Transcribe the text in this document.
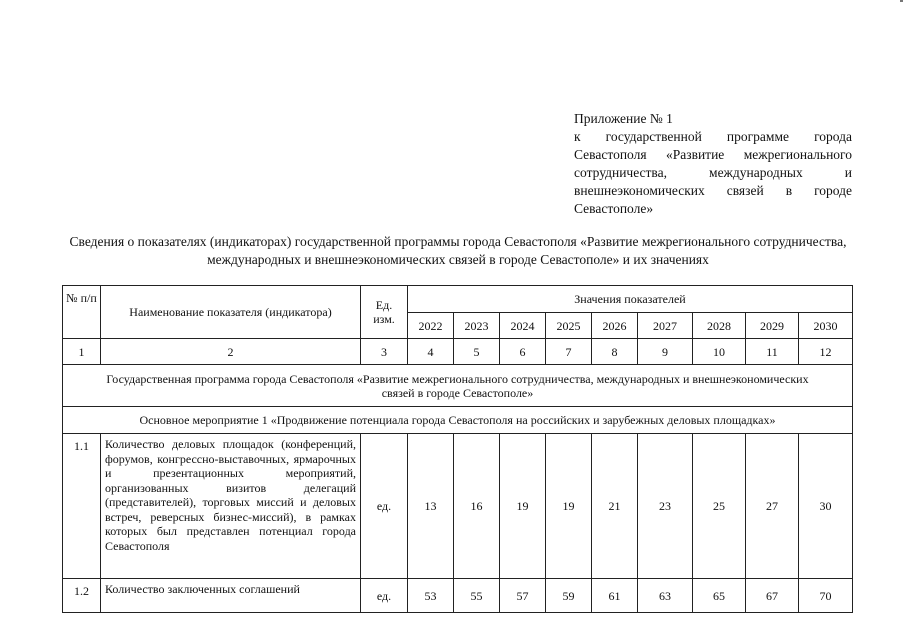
Приложение № 1
к государственной программе города Севастополя «Развитие межрегионального сотрудничества, международных и внешнеэкономических связей в городе Севастополе»
Сведения о показателях (индикаторах) государственной программы города Севастополя «Развитие межрегионального сотрудничества, международных и внешнеэкономических связей в городе Севастополе» и их значениях
№ п/п	Наименование показателя (индикатора)	Ед. изм.	Значения показателей								
			2022	2023	2024	2025	2026	2027	2028	2029	2030
1	2	3	4	5	6	7	8	9	10	11	12
Государственная программа города Севастополя «Развитие межрегионального сотрудничества, международных и внешнеэкономических связей в городе Севастополе»											
Основное мероприятие 1 «Продвижение потенциала города Севастополя на российских и зарубежных деловых площадках»											
1.1	Количество деловых площадок (конференций, форумов, конгрессно-выставочных, ярмарочных и презентационных мероприятий, организованных визитов делегаций (представителей), торговых миссий и деловых встреч, реверсных бизнес-миссий), в рамках которых был представлен потенциал города Севастополя	ед.	13	16	19	19	21	23	25	27	30
1.2	Количество заключенных соглашений	ед.	53	55	57	59	61	63	65	67	70
